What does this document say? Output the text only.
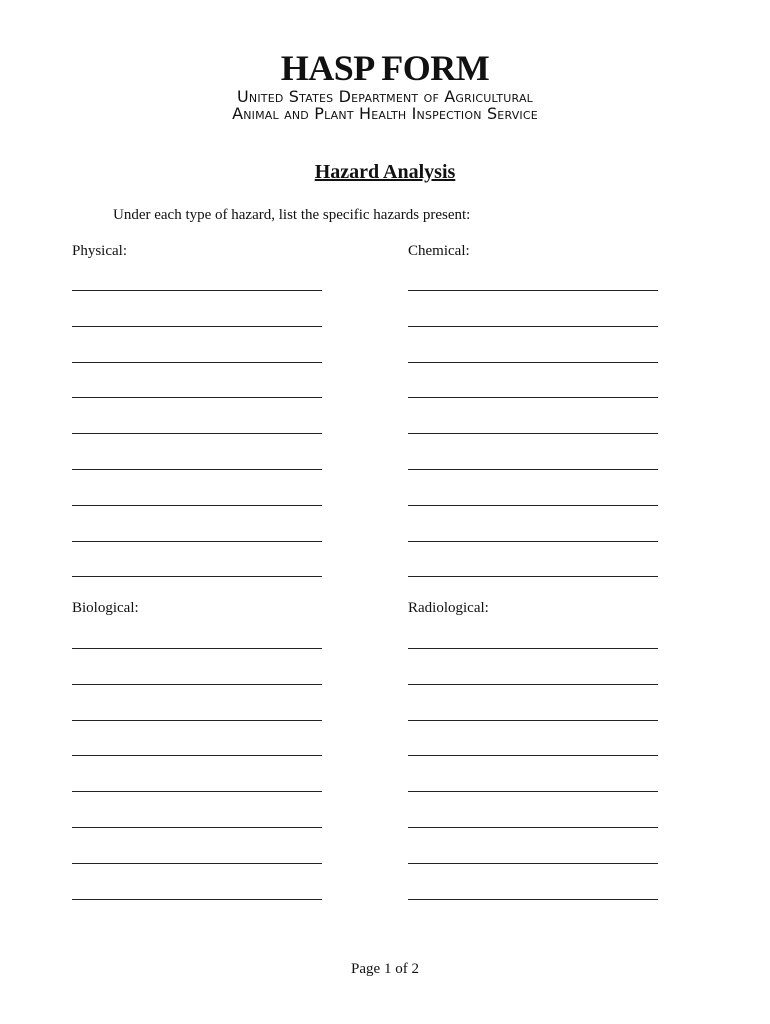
HASP FORM
United States Department of Agricultural
Animal and Plant Health Inspection Service
Hazard Analysis
Under each type of hazard, list the specific hazards present:
Physical:	Chemical:
Biological:	Radiological:
Page 1 of 2
